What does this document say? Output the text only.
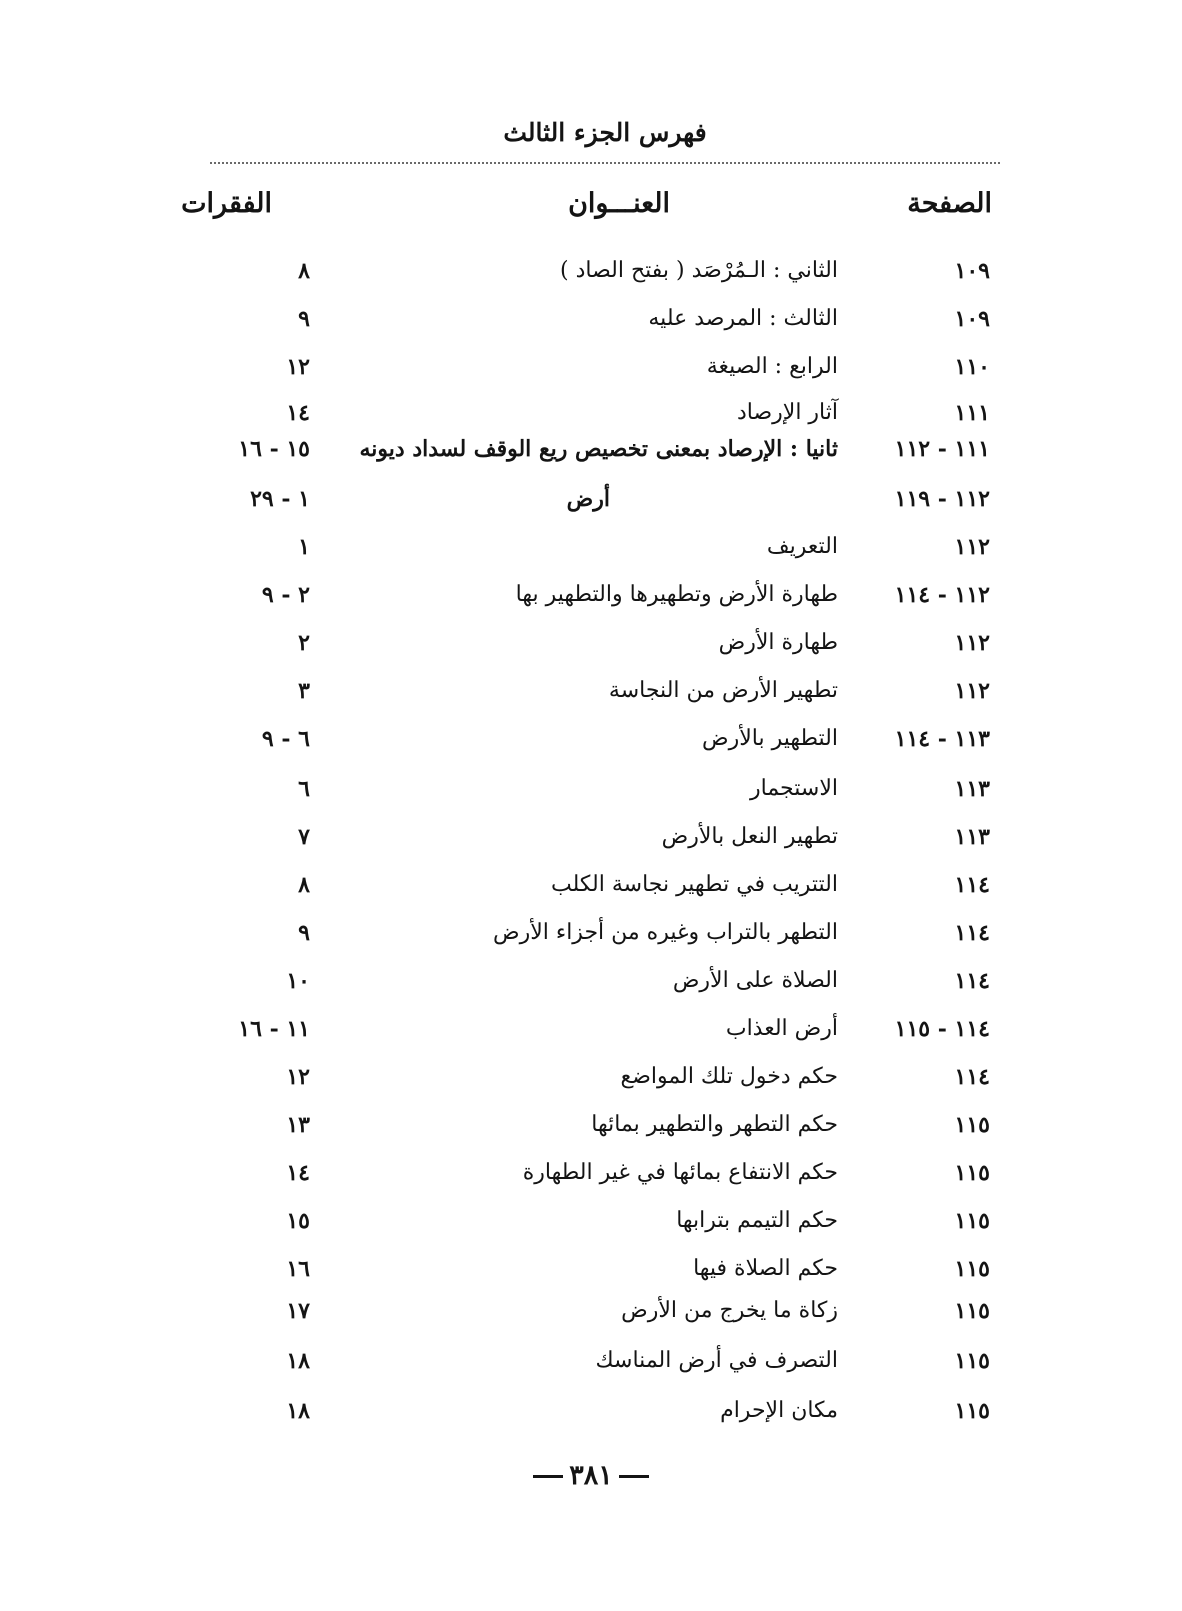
فهرس الجزء الثالث
الصفحة
العنـــوان
الفقرات
١٠٩
الثاني : الـمُرْصَد ( بفتح الصاد )
٨
١٠٩
الثالث : المرصد عليه
٩
١١٠
الرابع : الصيغة
١٢
١١١
آثار الإرصاد
١٤
١١١ - ١١٢
ثانيا : الإرصاد بمعنى تخصيص ريع الوقف لسداد ديونه
١٥ - ١٦
١١٢ - ١١٩
أرض
١ - ٢٩
١١٢
التعريف
١
١١٢ - ١١٤
طهارة الأرض وتطهيرها والتطهير بها
٢ - ٩
١١٢
طهارة الأرض
٢
١١٢
تطهير الأرض من النجاسة
٣
١١٣ - ١١٤
التطهير بالأرض
٦ - ٩
١١٣
الاستجمار
٦
١١٣
تطهير النعل بالأرض
٧
١١٤
التتريب في تطهير نجاسة الكلب
٨
١١٤
التطهر بالتراب وغيره من أجزاء الأرض
٩
١١٤
الصلاة على الأرض
١٠
١١٤ - ١١٥
أرض العذاب
١١ - ١٦
١١٤
حكم دخول تلك المواضع
١٢
١١٥
حكم التطهر والتطهير بمائها
١٣
١١٥
حكم الانتفاع بمائها في غير الطهارة
١٤
١١٥
حكم التيمم بترابها
١٥
١١٥
حكم الصلاة فيها
١٦
١١٥
زكاة ما يخرج من الأرض
١٧
١١٥
التصرف في أرض المناسك
١٨
١١٥
مكان الإحرام
١٨
٣٨١
